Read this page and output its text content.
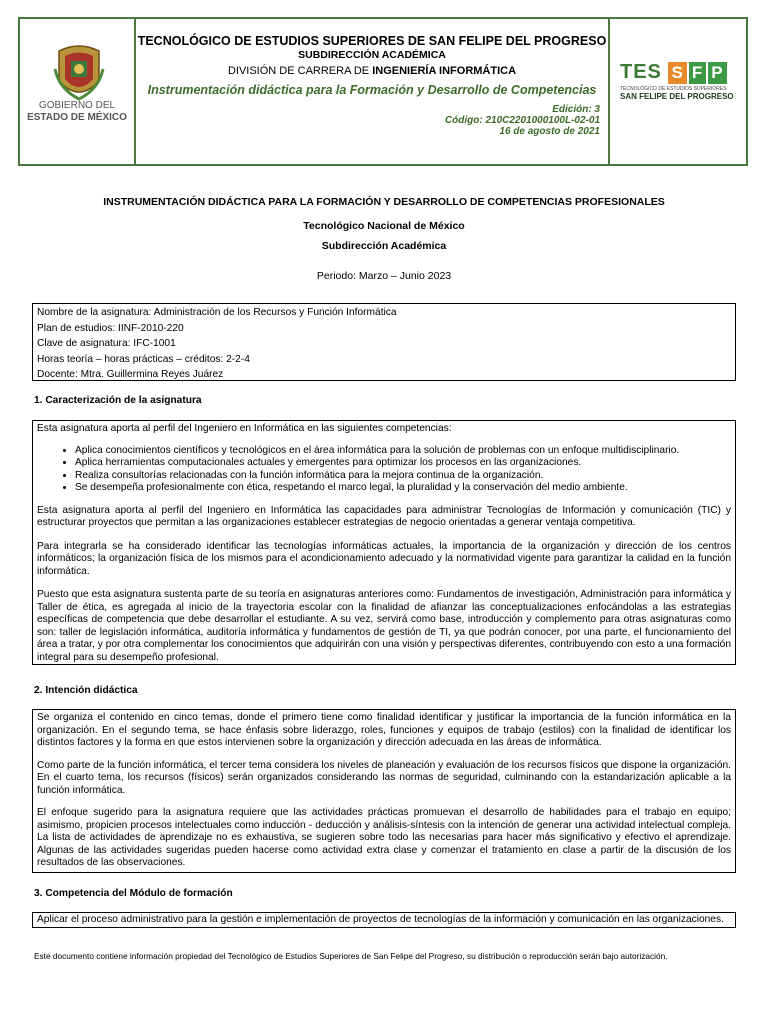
GOBIERNO DEL
ESTADO DE MÉXICO
TECNOLÓGICO DE ESTUDIOS SUPERIORES DE SAN FELIPE DEL PROGRESO
SUBDIRECCIÓN ACADÉMICA
DIVISIÓN DE CARRERA DE INGENIERÍA INFORMÁTICA
Instrumentación didáctica para la Formación y Desarrollo de Competencias
Edición: 3
Código: 210C2201000100L-02-01
16 de agosto de 2021
TES S F P
TECNOLÓGICO DE ESTUDIOS SUPERIORES
SAN FELIPE DEL PROGRESO
INSTRUMENTACIÓN DIDÁCTICA PARA LA FORMACIÓN Y DESARROLLO DE COMPETENCIAS PROFESIONALES
Tecnológico Nacional de México
Subdirección Académica
Periodo: Marzo – Junio 2023
Nombre de la asignatura: Administración de los Recursos y Función Informática
Plan de estudios: IINF-2010-220
Clave de asignatura: IFC-1001
Horas teoría – horas prácticas – créditos: 2-2-4
Docente: Mtra. Guillermina Reyes Juárez
1. Caracterización de la asignatura

Esta asignatura aporta al perfil del Ingeniero en Informática en las siguientes competencias:

• Aplica conocimientos científicos y tecnológicos en el área informática para la solución de problemas con un enfoque multidisciplinario.
• Aplica herramientas computacionales actuales y emergentes para optimizar los procesos en las organizaciones.
• Realiza consultorías relacionadas con la función informática para la mejora continua de la organización.
• Se desempeña profesionalmente con ética, respetando el marco legal, la pluralidad y la conservación del medio ambiente.

Esta asignatura aporta al perfil del Ingeniero en Informática las capacidades para administrar Tecnologías de Información y comunicación (TIC) y estructurar proyectos que permitan a las organizaciones establecer estrategias de negocio orientadas a generar ventaja competitiva.

Para integrarla se ha considerado identificar las tecnologías informáticas actuales, la importancia de la organización y dirección de los centros informáticos; la organización física de los mismos para el acondicionamiento adecuado y la normatividad vigente para garantizar la calidad en la función informática.

Puesto que esta asignatura sustenta parte de su teoría en asignaturas anteriores como: Fundamentos de investigación, Administración para informática y Taller de ética, es agregada al inicio de la trayectoria escolar con la finalidad de afianzar las conceptualizaciones enfocándolas a las estrategias específicas de competencia que debe desarrollar el estudiante. A su vez, servirá como base, introducción y complemento para otras asignaturas como son: taller de legislación informática, auditoría informática y fundamentos de gestión de TI, ya que podrán conocer, por una parte, el funcionamiento del área a tratar, y por otra complementar los conocimientos que adquirirán con una visión y perspectivas diferentes, contribuyendo con esto a una formación integral para su desempeño profesional.

2. Intención didáctica

Se organiza el contenido en cinco temas, donde el primero tiene como finalidad identificar y justificar la importancia de la función informática en la organización. En el segundo tema, se hace énfasis sobre liderazgo, roles, funciones y equipos de trabajo (estilos) con la finalidad de identificar los distintos factores y la forma en que estos intervienen sobre la organización y dirección adecuada en las áreas de informática.

Como parte de la función informática, el tercer tema considera los niveles de planeación y evaluación de los recursos físicos que dispone la organización. En el cuarto tema, los recursos (físicos) serán organizados considerando las normas de seguridad, culminando con la estandarización aplicable a la función informática.

El enfoque sugerido para la asignatura requiere que las actividades prácticas promuevan el desarrollo de habilidades para el trabajo en equipo; asimismo, propicien procesos intelectuales como inducción - deducción y análisis-síntesis con la intención de generar una actividad intelectual compleja. La lista de actividades de aprendizaje no es exhaustiva, se sugieren sobre todo las necesarias para hacer más significativo y efectivo el aprendizaje. Algunas de las actividades sugeridas pueden hacerse como actividad extra clase y comenzar el tratamiento en clase a partir de la discusión de los resultados de las observaciones.

3. Competencia del Módulo de formación
Aplicar el proceso administrativo para la gestión e implementación de proyectos de tecnologías de la información y comunicación en las organizaciones.
Este documento contiene información propiedad del Tecnológico de Estudios Superiores de San Felipe del Progreso, su distribución o reproducción serán bajo autorización.
